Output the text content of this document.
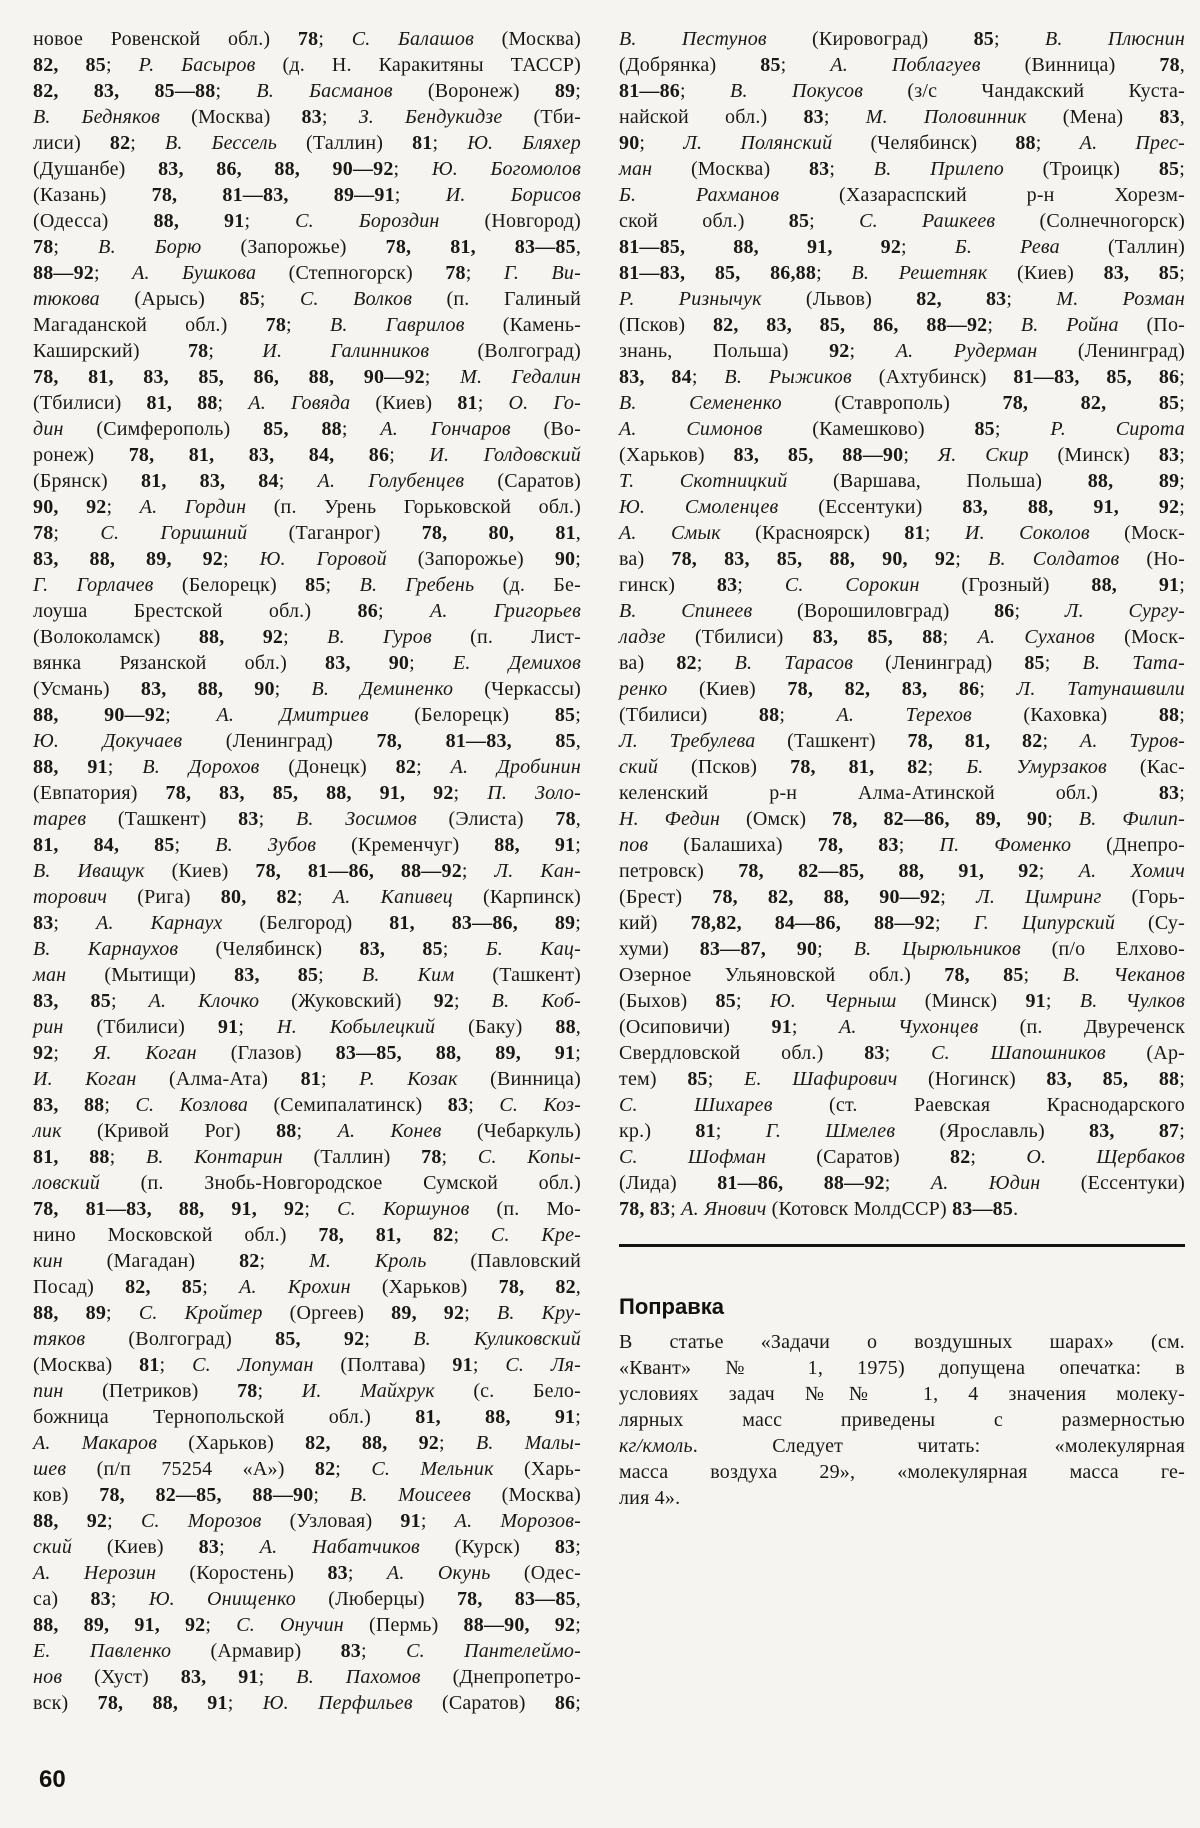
новое Ровенской обл.) 78; С. Балашов (Москва)
82, 85; Р. Басыров (д. Н. Каракитяны ТАССР)
82, 83, 85—88; В. Басманов (Воронеж) 89;
В. Бедняков (Москва) 83; З. Бендукидзе (Тби-
лиси) 82; В. Бессель (Таллин) 81; Ю. Бляхер
(Душанбе) 83, 86, 88, 90—92; Ю. Богомолов
(Казань) 78, 81—83, 89—91; И. Борисов
(Одесса) 88, 91; С. Бороздин (Новгород)
78; В. Борю (Запорожье) 78, 81, 83—85,
88—92; А. Бушкова (Степногорск) 78; Г. Ви-
тюкова (Арысь) 85; С. Волков (п. Галиный
Магаданской обл.) 78; В. Гаврилов (Камень-
Каширский) 78; И. Галинников (Волгоград)
78, 81, 83, 85, 86, 88, 90—92; М. Гедалин
(Тбилиси) 81, 88; А. Говяда (Киев) 81; О. Го-
дин (Симферополь) 85, 88; А. Гончаров (Во-
ронеж) 78, 81, 83, 84, 86; И. Голдовский
(Брянск) 81, 83, 84; А. Голубенцев (Саратов)
90, 92; А. Гордин (п. Урень Горьковской обл.)
78; С. Горишний (Таганрог) 78, 80, 81,
83, 88, 89, 92; Ю. Горовой (Запорожье) 90;
Г. Горлачев (Белорецк) 85; В. Гребень (д. Бе-
лоуша Брестской обл.) 86; А. Григорьев
(Волоколамск) 88, 92; В. Гуров (п. Лист-
вянка Рязанской обл.) 83, 90; Е. Демихов
(Усмань) 83, 88, 90; В. Деминенко (Черкассы)
88, 90—92; А. Дмитриев (Белорецк) 85;
Ю. Докучаев (Ленинград) 78, 81—83, 85,
88, 91; В. Дорохов (Донецк) 82; А. Дробинин
(Евпатория) 78, 83, 85, 88, 91, 92; П. Золо-
тарев (Ташкент) 83; В. Зосимов (Элиста) 78,
81, 84, 85; В. Зубов (Кременчуг) 88, 91;
В. Иващук (Киев) 78, 81—86, 88—92; Л. Кан-
торович (Рига) 80, 82; А. Капивец (Карпинск)
83; А. Карнаух (Белгород) 81, 83—86, 89;
В. Карнаухов (Челябинск) 83, 85; Б. Кац-
ман (Мытищи) 83, 85; В. Ким (Ташкент)
83, 85; А. Клочко (Жуковский) 92; В. Коб-
рин (Тбилиси) 91; Н. Кобылецкий (Баку) 88,
92; Я. Коган (Глазов) 83—85, 88, 89, 91;
И. Коган (Алма-Ата) 81; Р. Козак (Винница)
83, 88; С. Козлова (Семипалатинск) 83; С. Коз-
лик (Кривой Рог) 88; А. Конев (Чебаркуль)
81, 88; В. Контарин (Таллин) 78; С. Копы-
ловский (п. Знобь-Новгородское Сумской обл.)
78, 81—83, 88, 91, 92; С. Коршунов (п. Мо-
нино Московской обл.) 78, 81, 82; С. Кре-
кин (Магадан) 82; М. Кроль (Павловский
Посад) 82, 85; А. Крохин (Харьков) 78, 82,
88, 89; С. Кройтер (Оргеев) 89, 92; В. Кру-
тяков (Волгоград) 85, 92; В. Куликовский
(Москва) 81; С. Лопуман (Полтава) 91; С. Ля-
пин (Петриков) 78; И. Майхрук (с. Бело-
божница Тернопольской обл.) 81, 88, 91;
А. Макаров (Харьков) 82, 88, 92; В. Малы-
шев (п/п 75254 «А») 82; С. Мельник (Харь-
ков) 78, 82—85, 88—90; В. Моисеев (Москва)
88, 92; С. Морозов (Узловая) 91; А. Морозов-
ский (Киев) 83; А. Набатчиков (Курск) 83;
А. Нерозин (Коростень) 83; А. Окунь (Одес-
са) 83; Ю. Онищенко (Люберцы) 78, 83—85,
88, 89, 91, 92; С. Онучин (Пермь) 88—90, 92;
Е. Павленко (Армавир) 83; С. Пантелеймо-
нов (Хуст) 83, 91; В. Пахомов (Днепропетро-
вск) 78, 88, 91; Ю. Перфильев (Саратов) 86;
В. Пестунов (Кировоград) 85; В. Плюснин
(Добрянка) 85; А. Поблагуев (Винница) 78,
81—86; В. Покусов (з/с Чандакский Куста-
найской обл.) 83; М. Половинник (Мена) 83,
90; Л. Полянский (Челябинск) 88; А. Прес-
ман (Москва) 83; В. Прилепо (Троицк) 85;
Б. Рахманов (Хазараспский р-н Хорезм-
ской обл.) 85; С. Рашкеев (Солнечногорск)
81—85, 88, 91, 92; Б. Рева (Таллин)
81—83, 85, 86,88; В. Решетняк (Киев) 83, 85;
Р. Ризнычук (Львов) 82, 83; М. Розман
(Псков) 82, 83, 85, 86, 88—92; В. Ройна (По-
знань, Польша) 92; А. Рудерман (Ленинград)
83, 84; В. Рыжиков (Ахтубинск) 81—83, 85, 86;
В. Семененко (Ставрополь) 78, 82, 85;
А. Симонов (Камешково) 85; Р. Сирота
(Харьков) 83, 85, 88—90; Я. Скир (Минск) 83;
Т. Скотницкий (Варшава, Польша) 88, 89;
Ю. Смоленцев (Ессентуки) 83, 88, 91, 92;
А. Смык (Красноярск) 81; И. Соколов (Моск-
ва) 78, 83, 85, 88, 90, 92; В. Солдатов (Но-
гинск) 83; С. Сорокин (Грозный) 88, 91;
В. Спинеев (Ворошиловград) 86; Л. Сургу-
ладзе (Тбилиси) 83, 85, 88; А. Суханов (Моск-
ва) 82; В. Тарасов (Ленинград) 85; В. Тата-
ренко (Киев) 78, 82, 83, 86; Л. Татунашвили
(Тбилиси) 88; А. Терехов (Каховка) 88;
Л. Требулева (Ташкент) 78, 81, 82; А. Туров-
ский (Псков) 78, 81, 82; Б. Умурзаков (Кас-
келенский р-н Алма-Атинской обл.) 83;
Н. Федин (Омск) 78, 82—86, 89, 90; В. Филип-
пов (Балашиха) 78, 83; П. Фоменко (Днепро-
петровск) 78, 82—85, 88, 91, 92; А. Хомич
(Брест) 78, 82, 88, 90—92; Л. Цимринг (Горь-
кий) 78,82, 84—86, 88—92; Г. Ципурский (Су-
хуми) 83—87, 90; В. Цырюльников (п/о Елхово-
Озерное Ульяновской обл.) 78, 85; В. Чеканов
(Быхов) 85; Ю. Черныш (Минск) 91; В. Чулков
(Осиповичи) 91; А. Чухонцев (п. Двуреченск
Свердловской обл.) 83; С. Шапошников (Ар-
тем) 85; Е. Шафирович (Ногинск) 83, 85, 88;
С. Шихарев (ст. Раевская Краснодарского
кр.) 81; Г. Шмелев (Ярославль) 83, 87;
С. Шофман (Саратов) 82; О. Щербаков
(Лида) 81—86, 88—92; А. Юдин (Ессентуки)
78, 83; А. Янович (Котовск МолдССР) 83—85.
Поправка
В статье «Задачи о воздушных шарах» (см.
«Квант» № 1, 1975) допущена опечатка: в
условиях задач №№ 1, 4 значения молеку-
лярных масс приведены с размерностью
кг/кмоль. Следует читать: «молекулярная
масса воздуха 29», «молекулярная масса ге-
лия 4».
60
